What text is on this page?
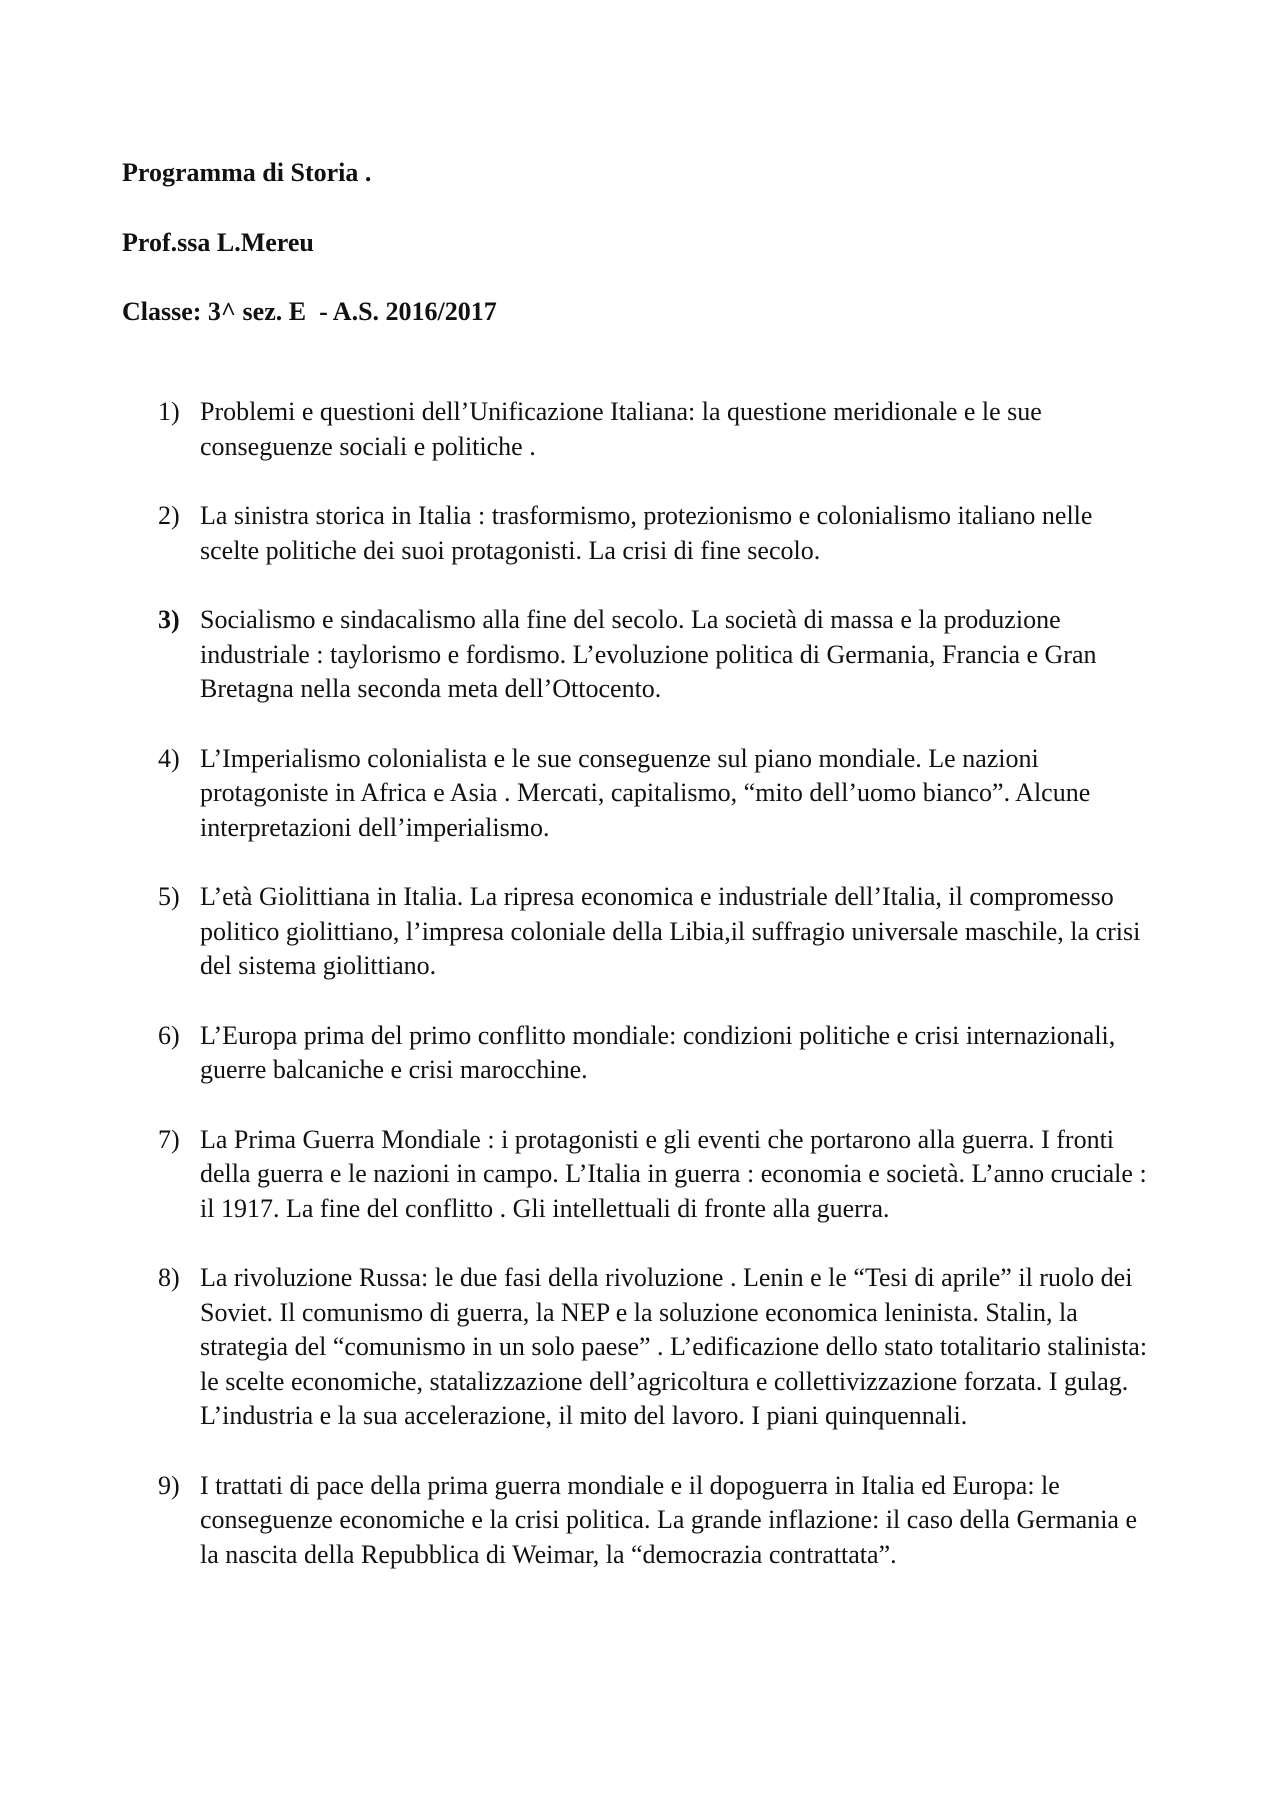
Programma di Storia .
Prof.ssa L.Mereu
Classe: 3^ sez. E  - A.S. 2016/2017
1) Problemi e questioni dell’Unificazione Italiana: la questione meridionale e le sue conseguenze sociali e politiche .
2) La sinistra storica in Italia : trasformismo, protezionismo e colonialismo italiano nelle scelte politiche dei suoi protagonisti. La crisi di fine secolo.
3) Socialismo e sindacalismo alla fine del secolo. La società di massa e la produzione industriale : taylorismo e fordismo. L’evoluzione politica di Germania, Francia e Gran Bretagna nella seconda meta dell’Ottocento.
4) L’Imperialismo colonialista e le sue conseguenze sul piano mondiale. Le nazioni protagoniste in Africa e Asia . Mercati, capitalismo, “mito dell’uomo bianco”. Alcune interpretazioni dell’imperialismo.
5) L’età Giolittiana in Italia. La ripresa economica e industriale dell’Italia, il compromesso politico giolittiano, l’impresa coloniale della Libia,il suffragio universale maschile, la crisi del sistema giolittiano.
6) L’Europa prima del primo conflitto mondiale: condizioni politiche e crisi internazionali, guerre balcaniche e crisi marocchine.
7) La Prima Guerra Mondiale : i protagonisti e gli eventi che portarono alla guerra. I fronti della guerra e le nazioni in campo. L’Italia in guerra : economia e società. L’anno cruciale : il 1917. La fine del conflitto . Gli intellettuali di fronte alla guerra.
8) La rivoluzione Russa: le due fasi della rivoluzione . Lenin e le “Tesi di aprile” il ruolo dei Soviet. Il comunismo di guerra, la NEP e la soluzione economica leninista. Stalin, la strategia del “comunismo in un solo paese” . L’edificazione dello stato totalitario stalinista: le scelte economiche, statalizzazione dell’agricoltura e collettivizzazione forzata. I gulag. L’industria e la sua accelerazione, il mito del lavoro. I piani quinquennali.
9) I trattati di pace della prima guerra mondiale e il dopoguerra in Italia ed Europa: le conseguenze economiche e la crisi politica. La grande inflazione: il caso della Germania e la nascita della Repubblica di Weimar, la “democrazia contrattata”.
